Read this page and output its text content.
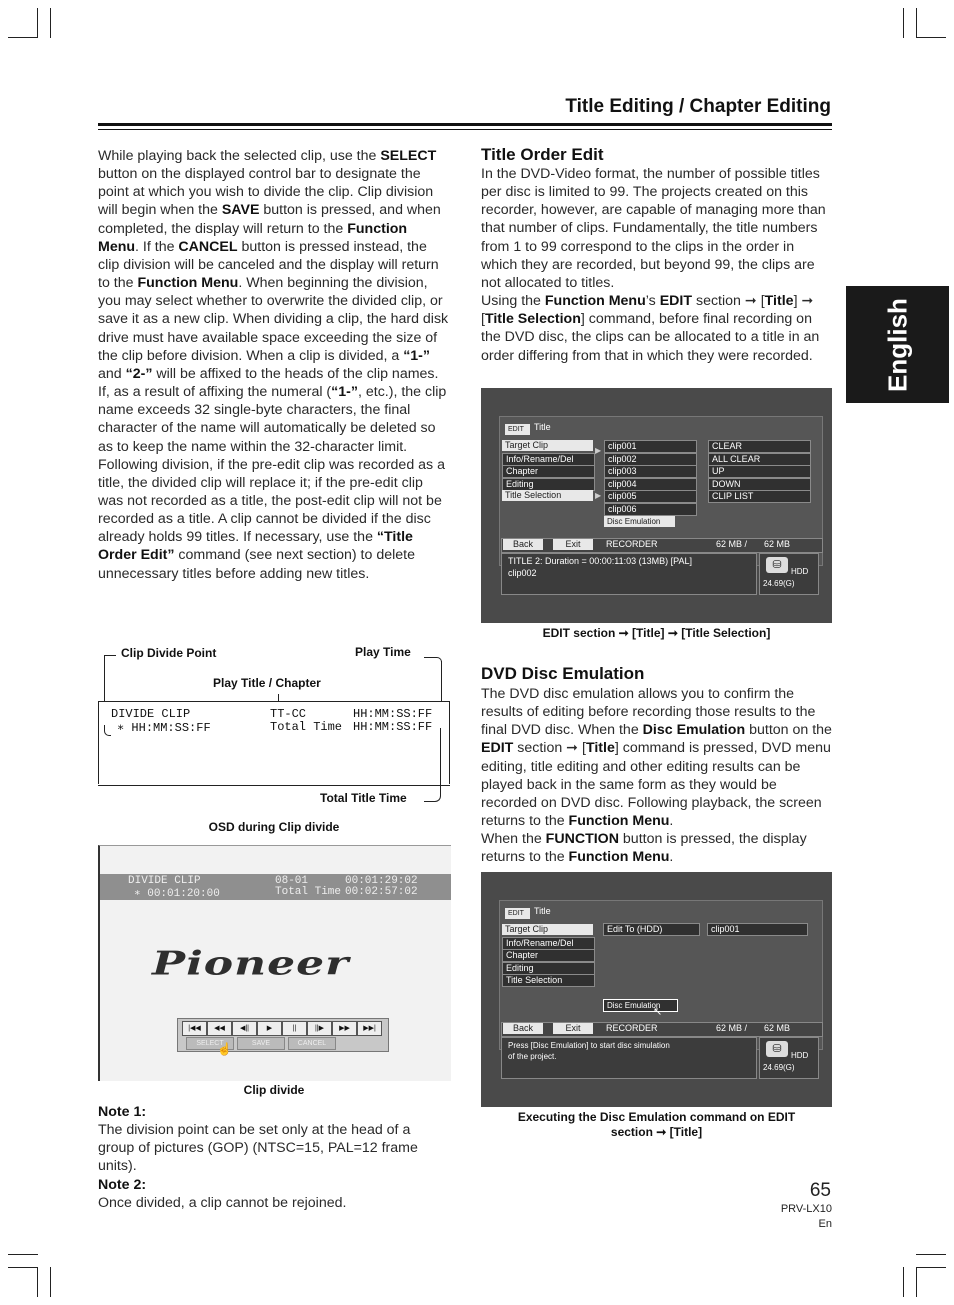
Title Editing / Chapter Editing
English
While playing back the selected clip, use the SELECT button on the displayed control bar to designate the point at which you wish to divide the clip. Clip division will begin when the SAVE button is pressed, and when completed, the display will return to the Function Menu. If the CANCEL button is pressed instead, the clip division will be canceled and the display will return to the Function Menu. When beginning the division, you may select whether to overwrite the divided clip, or save it as a new clip. When dividing a clip, the hard disk drive must have available space exceeding the size of the clip before division. When a clip is divided, a “1-” and “2-” will be affixed to the heads of the clip names. If, as a result of affixing the numeral (“1-”, etc.), the clip name exceeds 32 single-byte characters, the final character of the name will automatically be deleted so as to keep the name within the 32-character limit. Following division, if the pre-edit clip was recorded as a title, the divided clip will replace it; if the pre-edit clip was not recorded as a title, the post-edit clip will not be recorded as a title. A clip cannot be divided if the disc already holds 99 titles. If necessary, use the “Title Order Edit” command (see next section) to delete unnecessary titles before adding new titles.
Clip Divide Point	Play Time
Play Title / Chapter
Total Title Time
DIVIDE CLIP	TT-CC	HH:MM:SS:FF
∗ HH:MM:SS:FF	Total Time HH:MM:SS:FF
OSD during Clip divide
DIVIDE CLIP	08-01	00:01:29:02
∗ 00:01:20:00	Total Time 00:02:57:02
Pioneer
|◀◀	◀◀	◀||	▶	||	||▶	▶▶	▶▶|
SELECT	SAVE	CANCEL
☝
Clip divide
Note 1:
The division point can be set only at the head of a group of pictures (GOP) (NTSC=15, PAL=12 frame units).
Note 2:
Once divided, a clip cannot be rejoined.
Title Order Edit
In the DVD-Video format, the number of possible titles per disc is limited to 99. The projects created on this recorder, however, are capable of managing more than that number of clips. Fundamentally, the title numbers from 1 to 99 correspond to the clips in the order in which they are recorded, but beyond 99, the clips are not allocated to titles.
Using the Function Menu’s EDIT section ➞ [Title] ➞ [Title Selection] command, before final recording on the DVD disc, the clips can be allocated to a title in an order differing from that in which they were recorded.
EDIT	Title
Disc Emulation
▶
▶
Back	Exit	RECORDER	62 MB /	62 MB
TITLE 2: Duration = 00:00:11:03 (13MB) [PAL]
clip002
⛁
HDD
24.69(G)
Target Clip
Info/Rename/Del
Chapter
Editing
Title Selection
clip001
clip002
clip003
clip004
clip005
clip006
CLEAR
ALL CLEAR
UP
DOWN
CLIP LIST
EDIT section ➞ [Title] ➞ [Title Selection]
DVD Disc Emulation
The DVD disc emulation allows you to confirm the results of editing before recording those results to the final DVD disc. When the Disc Emulation button on the EDIT section ➞ [Title] command is pressed, DVD menu editing, title editing and other editing results can be played back in the same form as they would be recorded on DVD disc. Following playback, the screen returns to the Function Menu.
When the FUNCTION button is pressed, the display returns to the Function Menu.
EDIT	Title
Edit To (HDD)	clip001
Disc Emulation
↖
Back	Exit	RECORDER	62 MB /	62 MB
Press [Disc Emulation] to start disc simulation
of the project.
⛁
HDD
24.69(G)
Target Clip
Info/Rename/Del
Chapter
Editing
Title Selection
Executing the Disc Emulation command on EDIT
section ➞ [Title]
65
PRV-LX10
En
